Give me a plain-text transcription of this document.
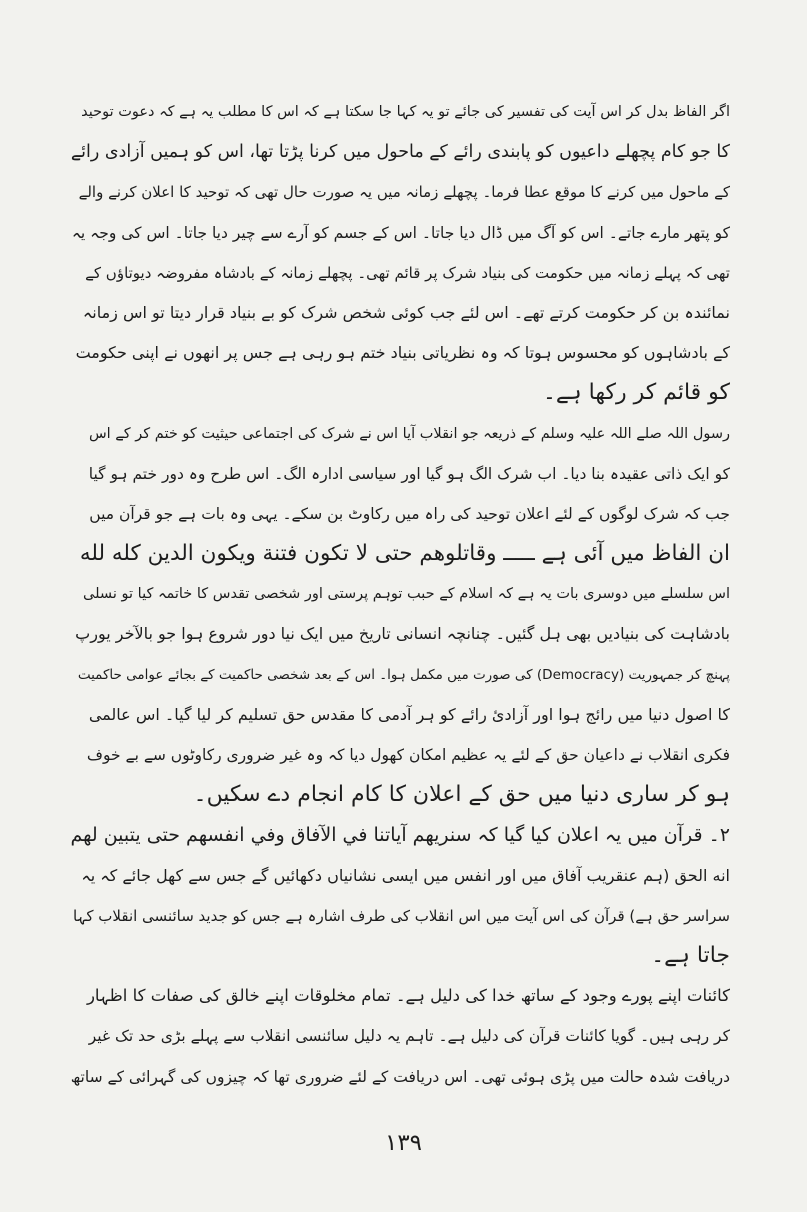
اگر الفاظ بدل کر اس آیت کی تفسیر کی جائے تو یہ کہا جا سکتا ہے کہ اس کا مطلب یہ ہے کہ دعوت توحید
کا جو کام پچھلے داعیوں کو پابندی رائے کے ماحول میں کرنا پڑتا تھا، اس کو ہمیں آزادی رائے
کے ماحول میں کرنے کا موقع عطا فرما۔ پچھلے زمانہ میں یہ صورت حال تھی کہ توحید کا اعلان کرنے والے
کو پتھر مارے جاتے۔ اس کو آگ میں ڈال دیا جاتا۔ اس کے جسم کو آرے سے چیر دیا جاتا۔ اس کی وجہ یہ
تھی کہ پہلے زمانہ میں حکومت کی بنیاد شرک پر قائم تھی۔ پچھلے زمانہ کے بادشاہ مفروضہ دیوتاؤں کے
نمائندہ بن کر حکومت کرتے تھے۔ اس لئے جب کوئی شخص شرک کو بے بنیاد قرار دیتا تو اس زمانہ
کے بادشاہوں کو محسوس ہوتا کہ وہ نظریاتی بنیاد ختم ہو رہی ہے جس پر انھوں نے اپنی حکومت
کو قائم کر رکھا ہے۔
رسول اللہ صلے اللہ علیہ وسلم کے ذریعہ جو انقلاب آیا اس نے شرک کی اجتماعی حیثیت کو ختم کر کے اس
کو ایک ذاتی عقیدہ بنا دیا۔ اب شرک الگ ہو گیا اور سیاسی ادارہ الگ۔ اس طرح وہ دور ختم ہو گیا
جب کہ شرک لوگوں کے لئے اعلان توحید کی راہ میں رکاوٹ بن سکے۔ یہی وہ بات ہے جو قرآن میں
ان الفاظ میں آئی ہے ـــــ وقاتلوهم حتى لا تكون فتنة ويكون الدين كله لله
اس سلسلے میں دوسری بات یہ ہے کہ اسلام کے حبب توہم پرستی اور شخصی تقدس کا خاتمہ کیا تو نسلی
بادشاہت کی بنیادیں بھی ہل گئیں۔ چنانچہ انسانی تاریخ میں ایک نیا دور شروع ہوا جو بالآخر یورپ
پہنچ کر جمہوریت (Democracy) کی صورت میں مکمل ہوا۔ اس کے بعد شخصی حاکمیت کے بجائے عوامی حاکمیت
کا اصول دنیا میں رائج ہوا اور آزادئ رائے کو ہر آدمی کا مقدس حق تسلیم کر لیا گیا۔ اس عالمی
فکری انقلاب نے داعیان حق کے لئے یہ عظیم امکان کھول دیا کہ وہ غیر ضروری رکاوٹوں سے بے خوف
ہو کر ساری دنیا میں حق کے اعلان کا کام انجام دے سکیں۔
۲۔ قرآن میں یہ اعلان کیا گیا کہ سنريهم آياتنا في الآفاق وفي انفسهم حتى يتبين لهم
انه الحق (ہم عنقریب آفاق میں اور انفس میں ایسی نشانیاں دکھائیں گے جس سے کھل جائے کہ یہ
سراسر حق ہے) قرآن کی اس آیت میں اس انقلاب کی طرف اشارہ ہے جس کو جدید سائنسی انقلاب کہا
جاتا ہے۔
کائنات اپنے پورے وجود کے ساتھ خدا کی دلیل ہے۔ تمام مخلوقات اپنے خالق کی صفات کا اظہار
کر رہی ہیں۔ گویا کائنات قرآن کی دلیل ہے۔ تاہم یہ دلیل سائنسی انقلاب سے پہلے بڑی حد تک غیر
دریافت شدہ حالت میں پڑی ہوئی تھی۔ اس دریافت کے لئے ضروری تھا کہ چیزوں کی گہرائی کے ساتھ
۱۳۹
